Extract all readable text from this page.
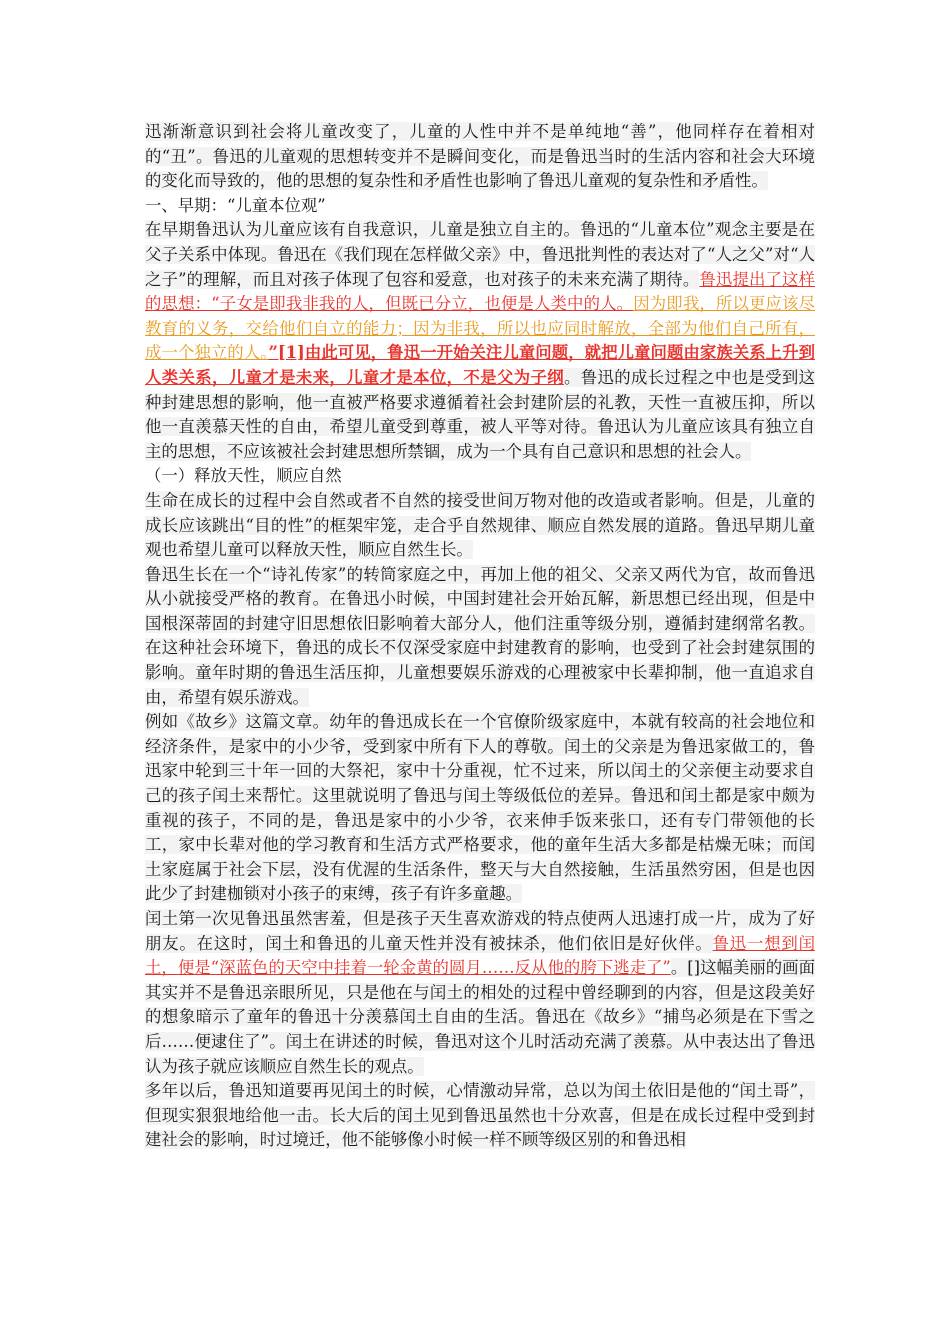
迅渐渐意识到社会将儿童改变了，儿童的人性中并不是单纯地“善”，他同样存在着相对的“丑”。鲁迅的儿童观的思想转变并不是瞬间变化，而是鲁迅当时的生活内容和社会大环境的变化而导致的，他的思想的复杂性和矛盾性也影响了鲁迅儿童观的复杂性和矛盾性。

一、早期：“儿童本位观”

在早期鲁迅认为儿童应该有自我意识，儿童是独立自主的。鲁迅的“儿童本位”观念主要是在父子关系中体现。鲁迅在《我们现在怎样做父亲》中，鲁迅批判性的表达对了“人之父”对“人之子”的理解，而且对孩子体现了包容和爱意，也对孩子的未来充满了期待。鲁迅提出了这样的思想：“子女是即我非我的人，但既已分立，也便是人类中的人。因为即我，所以更应该尽教育的义务，交给他们自立的能力；因为非我，所以也应同时解放，全部为他们自己所有，成一个独立的人。”[1]由此可见，鲁迅一开始关注儿童问题，就把儿童问题由家族关系上升到人类关系，儿童才是未来，儿童才是本位，不是父为子纲。鲁迅的成长过程之中也是受到这种封建思想的影响，他一直被严格要求遵循着社会封建阶层的礼教，天性一直被压抑，所以他一直羡慕天性的自由，希望儿童受到尊重，被人平等对待。鲁迅认为儿童应该具有独立自主的思想，不应该被社会封建思想所禁锢，成为一个具有自己意识和思想的社会人。

（一）释放天性，顺应自然

生命在成长的过程中会自然或者不自然的接受世间万物对他的改造或者影响。但是，儿童的成长应该跳出“目的性”的框架牢笼，走合乎自然规律、顺应自然发展的道路。鲁迅早期儿童观也希望儿童可以释放天性，顺应自然生长。

鲁迅生长在一个“诗礼传家”的转筒家庭之中，再加上他的祖父、父亲又两代为官，故而鲁迅从小就接受严格的教育。在鲁迅小时候，中国封建社会开始瓦解，新思想已经出现，但是中国根深蒂固的封建守旧思想依旧影响着大部分人，他们注重等级分别，遵循封建纲常名教。在这种社会环境下，鲁迅的成长不仅深受家庭中封建教育的影响，也受到了社会封建氛围的影响。童年时期的鲁迅生活压抑，儿童想要娱乐游戏的心理被家中长辈抑制，他一直追求自由，希望有娱乐游戏。

例如《故乡》这篇文章。幼年的鲁迅成长在一个官僚阶级家庭中，本就有较高的社会地位和经济条件，是家中的小少爷，受到家中所有下人的尊敬。闰土的父亲是为鲁迅家做工的，鲁迅家中轮到三十年一回的大祭祀，家中十分重视，忙不过来，所以闰土的父亲便主动要求自己的孩子闰土来帮忙。这里就说明了鲁迅与闰土等级低位的差异。鲁迅和闰土都是家中颇为重视的孩子，不同的是，鲁迅是家中的小少爷，衣来伸手饭来张口，还有专门带领他的长工，家中长辈对他的学习教育和生活方式严格要求，他的童年生活大多都是枯燥无味；而闰土家庭属于社会下层，没有优渥的生活条件，整天与大自然接触，生活虽然穷困，但是也因此少了封建枷锁对小孩子的束缚，孩子有许多童趣。

闰土第一次见鲁迅虽然害羞，但是孩子天生喜欢游戏的特点使两人迅速打成一片，成为了好朋友。在这时，闰土和鲁迅的儿童天性并没有被抹杀，他们依旧是好伙伴。鲁迅一想到闰土，便是“深蓝色的天空中挂着一轮金黄的圆月……反从他的胯下逃走了”。[]这幅美丽的画面其实并不是鲁迅亲眼所见，只是他在与闰土的相处的过程中曾经聊到的内容，但是这段美好的想象暗示了童年的鲁迅十分羡慕闰土自由的生活。鲁迅在《故乡》“捕鸟必须是在下雪之后……便逮住了”。闰土在讲述的时候，鲁迅对这个儿时活动充满了羡慕。从中表达出了鲁迅认为孩子就应该顺应自然生长的观点。

多年以后，鲁迅知道要再见闰土的时候，心情激动异常，总以为闰土依旧是他的“闰土哥”，但现实狠狠地给他一击。长大后的闰土见到鲁迅虽然也十分欢喜，但是在成长过程中受到封建社会的影响，时过境迁，他不能够像小时候一样不顾等级区别的和鲁迅相
